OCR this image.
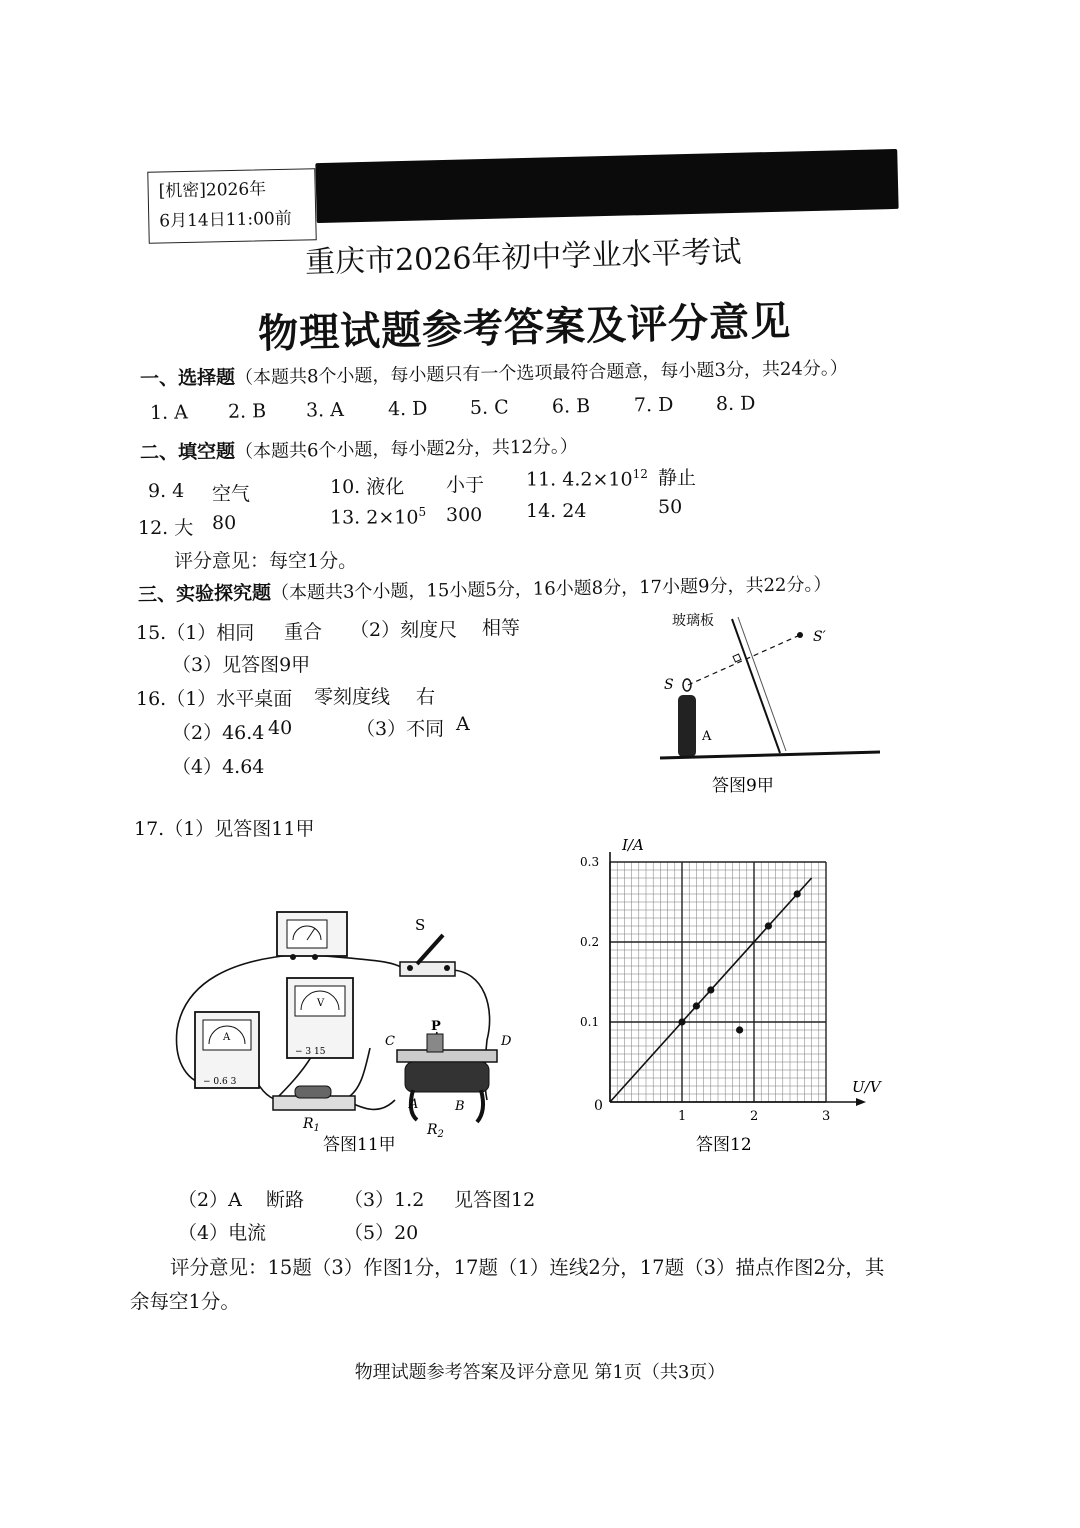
[机密]2026年
6月14日11:00前
重庆市2026年初中学业水平考试
物理试题参考答案及评分意见
一、选择题（本题共8个小题，每小题只有一个选项最符合题意，每小题3分，共24分。）
1. A 2. B 3. A 4. D 5. C 6. B 7. D 8. D
二、填空题（本题共6个小题，每小题2分，共12分。）
9. 4 空气	10. 液化 小于 11. $4.2\times 10^{12}$ 静止
12. 大 80	13. $2\times 10^5$ 300 14. 24	50
评分意见：每空1分。
三、实验探究题（本题共3个小题，15小题5分，16小题8分，17小题9分，共22分。）
15.（1）相同 重合 （2）刻度尺 相等
（3）见答图9甲
16.（1）水平桌面 零刻度线 右
（2）46.4 40	（3）不同 A
（4）4.64
17.（1）见答图11甲
玻璃板
S′
S
A
答图9甲
S
A
− 0.6 3
V
− 3 15
$R_1$
C
P
D
A	B
$R_2$
答图11甲
U/V
I/A
0
1	2	3
0.1
0.2
0.3
答图12
（2）A 断路 （3）1.2 见答图12
（4）电流	（5）20
评分意见：15题（3）作图1分，17题（1）连线2分，17题（3）描点作图2分，其
余每空1分。
物理试题参考答案及评分意见 第1页（共3页）
